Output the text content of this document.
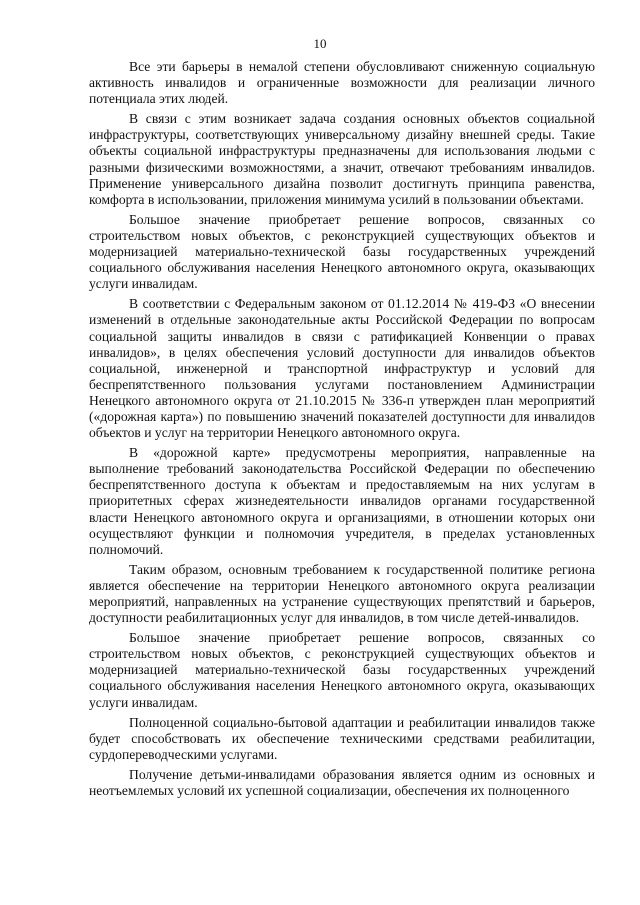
10

Все эти барьеры в немалой степени обусловливают сниженную социальную активность инвалидов и ограниченные возможности для реализации личного потенциала этих людей.

В связи с этим возникает задача создания основных объектов социальной инфраструктуры, соответствующих универсальному дизайну внешней среды. Такие объекты социальной инфраструктуры предназначены для использования людьми с разными физическими возможностями, а значит, отвечают требованиям инвалидов. Применение универсального дизайна позволит достигнуть принципа равенства, комфорта в использовании, приложения минимума усилий в пользовании объектами.

Большое значение приобретает решение вопросов, связанных со строительством новых объектов, с реконструкцией существующих объектов и модернизацией материально-технической базы государственных учреждений социального обслуживания населения Ненецкого автономного округа, оказывающих услуги инвалидам.

В соответствии с Федеральным законом от 01.12.2014 № 419-ФЗ «О внесении изменений в отдельные законодательные акты Российской Федерации по вопросам социальной защиты инвалидов в связи с ратификацией Конвенции о правах инвалидов», в целях обеспечения условий доступности для инвалидов объектов социальной, инженерной и транспортной инфраструктур и условий для беспрепятственного пользования услугами постановлением Администрации Ненецкого автономного округа от 21.10.2015 № 336-п утвержден план мероприятий («дорожная карта») по повышению значений показателей доступности для инвалидов объектов и услуг на территории Ненецкого автономного округа.

В «дорожной карте» предусмотрены мероприятия, направленные на выполнение требований законодательства Российской Федерации по обеспечению беспрепятственного доступа к объектам и предоставляемым на них услугам в приоритетных сферах жизнедеятельности инвалидов органами государственной власти Ненецкого автономного округа и организациями, в отношении которых они осуществляют функции и полномочия учредителя, в пределах установленных полномочий.

Таким образом, основным требованием к государственной политике региона является обеспечение на территории Ненецкого автономного округа реализации мероприятий, направленных на устранение существующих препятствий и барьеров, доступности реабилитационных услуг для инвалидов, в том числе детей-инвалидов.

Большое значение приобретает решение вопросов, связанных со строительством новых объектов, с реконструкцией существующих объектов и модернизацией материально-технической базы государственных учреждений социального обслуживания населения Ненецкого автономного округа, оказывающих услуги инвалидам.

Полноценной социально-бытовой адаптации и реабилитации инвалидов также будет способствовать их обеспечение техническими средствами реабилитации, сурдопереводческими услугами.

Получение детьми-инвалидами образования является одним из основных и неотъемлемых условий их успешной социализации, обеспечения их полноценного
